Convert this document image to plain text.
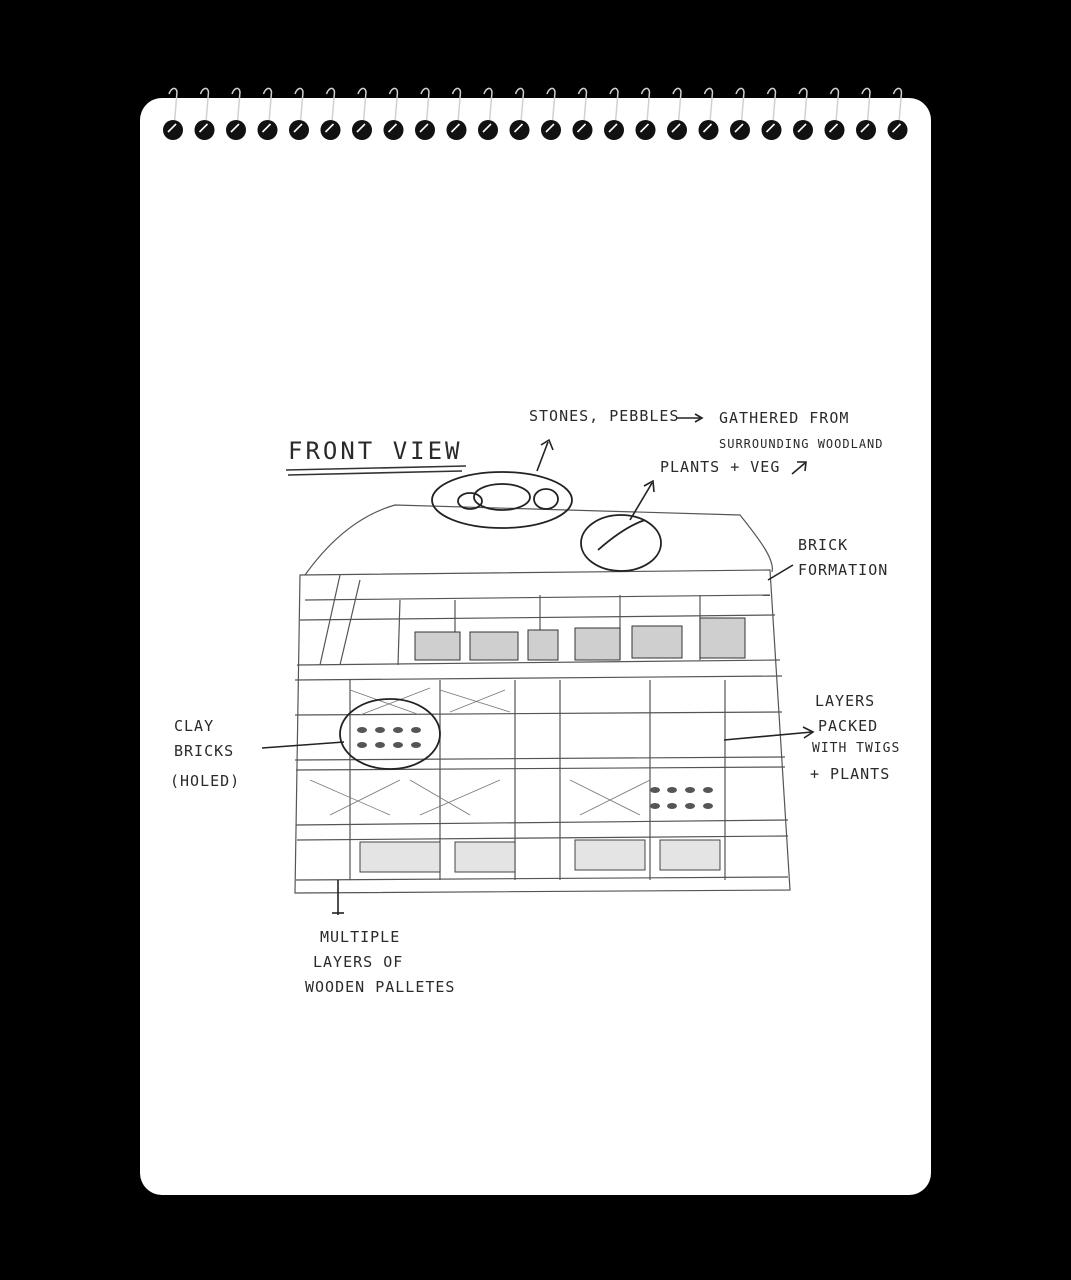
FRONT VIEW
STONES, PEBBLES	GATHERED FROM
SURROUNDING WOODLAND
PLANTS + VEG
BRICK
FORMATION
CLAY
BRICKS
(HOLED)
LAYERS
PACKED
WITH TWIGS
+ PLANTS
MULTIPLE
LAYERS OF
WOODEN PALLETES
